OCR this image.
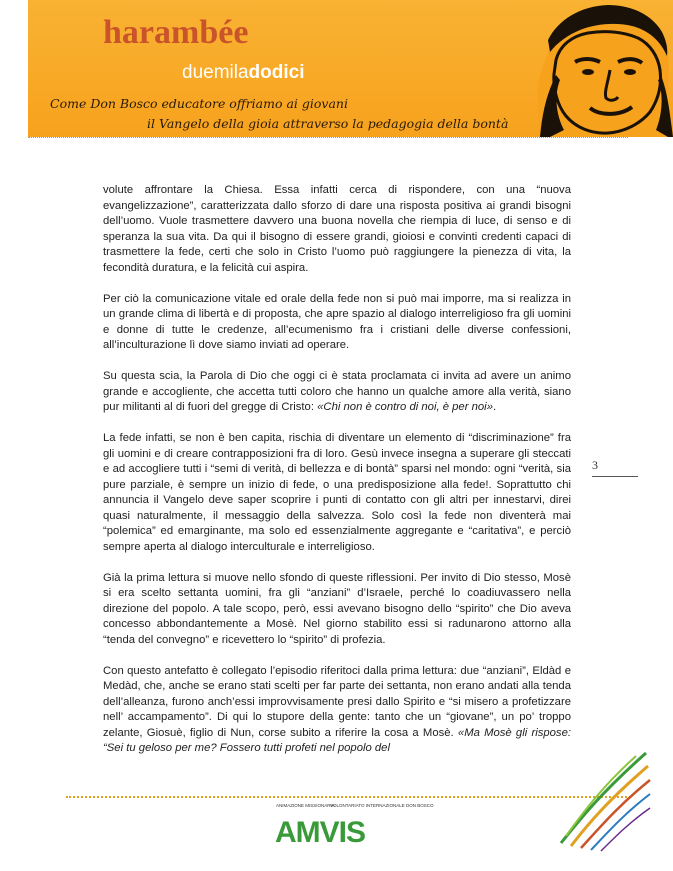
harambée
duemiladodici
Come Don Bosco educatore offriamo ai giovani
il Vangelo della gioia attraverso la pedagogia della bontà

volute affrontare la Chiesa. Essa infatti cerca di rispondere, con una “nuova evangelizzazione”, caratterizzata dallo sforzo di dare una risposta positiva ai grandi bisogni dell’uomo. Vuole trasmettere davvero una buona novella che riempia di luce, di senso e di speranza la sua vita. Da qui il bisogno di essere grandi, gioiosi e convinti credenti capaci di trasmettere la fede, certi che solo in Cristo l’uomo può raggiungere la pienezza di vita, la fecondità duratura, e la felicità cui aspira.

Per ciò la comunicazione vitale ed orale della fede non si può mai imporre, ma si realizza in un grande clima di libertà e di proposta, che apre spazio al dialogo interreligioso fra gli uomini e donne di tutte le credenze, all’ecumenismo fra i cristiani delle diverse confessioni, all’inculturazione lì dove siamo inviati ad operare.

Su questa scia, la Parola di Dio che oggi ci è stata proclamata ci invita ad avere un animo grande e accogliente, che accetta tutti coloro che hanno un qualche amore alla verità, siano pur militanti al di fuori del gregge di Cristo: «Chi non è contro di noi, è per noi».

La fede infatti, se non è ben capita, rischia di diventare un elemento di “discriminazione” fra gli uomini e di creare contrapposizioni fra di loro. Gesù invece insegna a superare gli steccati e ad accogliere tutti i “semi di verità, di bellezza e di bontà” sparsi nel mondo: ogni “verità, sia pure parziale, è sempre un inizio di fede, o una predisposizione alla fede!. Soprattutto chi annuncia il Vangelo deve saper scoprire i punti di contatto con gli altri per innestarvi, direi quasi naturalmente, il messaggio della salvezza. Solo così la fede non diventerà mai “polemica” ed emarginante, ma solo ed essenzialmente aggregante e “caritativa”, e perciò sempre aperta al dialogo interculturale e interreligioso.

Già la prima lettura si muove nello sfondo di queste riflessioni. Per invito di Dio stesso, Mosè si era scelto settanta uomini, fra gli “anziani” d’Israele, perché lo coadiuvassero nella direzione del popolo. A tale scopo, però, essi avevano bisogno dello “spirito” che Dio aveva concesso abbondantemente a Mosè. Nel giorno stabilito essi si radunarono attorno alla “tenda del convegno” e ricevettero lo “spirito” di profezia.

Con questo antefatto è collegato l’episodio riferitoci dalla prima lettura: due “anziani”, Eldàd e Medàd, che, anche se erano stati scelti per far parte dei settanta, non erano andati alla tenda dell’alleanza, furono anch’essi improvvisamente presi dallo Spirito e “si misero a profetizzare nell’ accampamento”. Di qui lo stupore della gente: tanto che un “giovane”, un po’ troppo zelante, Giosuè, figlio di Nun, corse subito a riferire la cosa a Mosè. «Ma Mosè gli rispose: “Sei tu geloso per me? Fossero tutti profeti nel popolo del

3
ANIMAZIONE MISSIONARIA
VOLONTARIATO INTERNAZIONALE DON BOSCO
AMVIS
